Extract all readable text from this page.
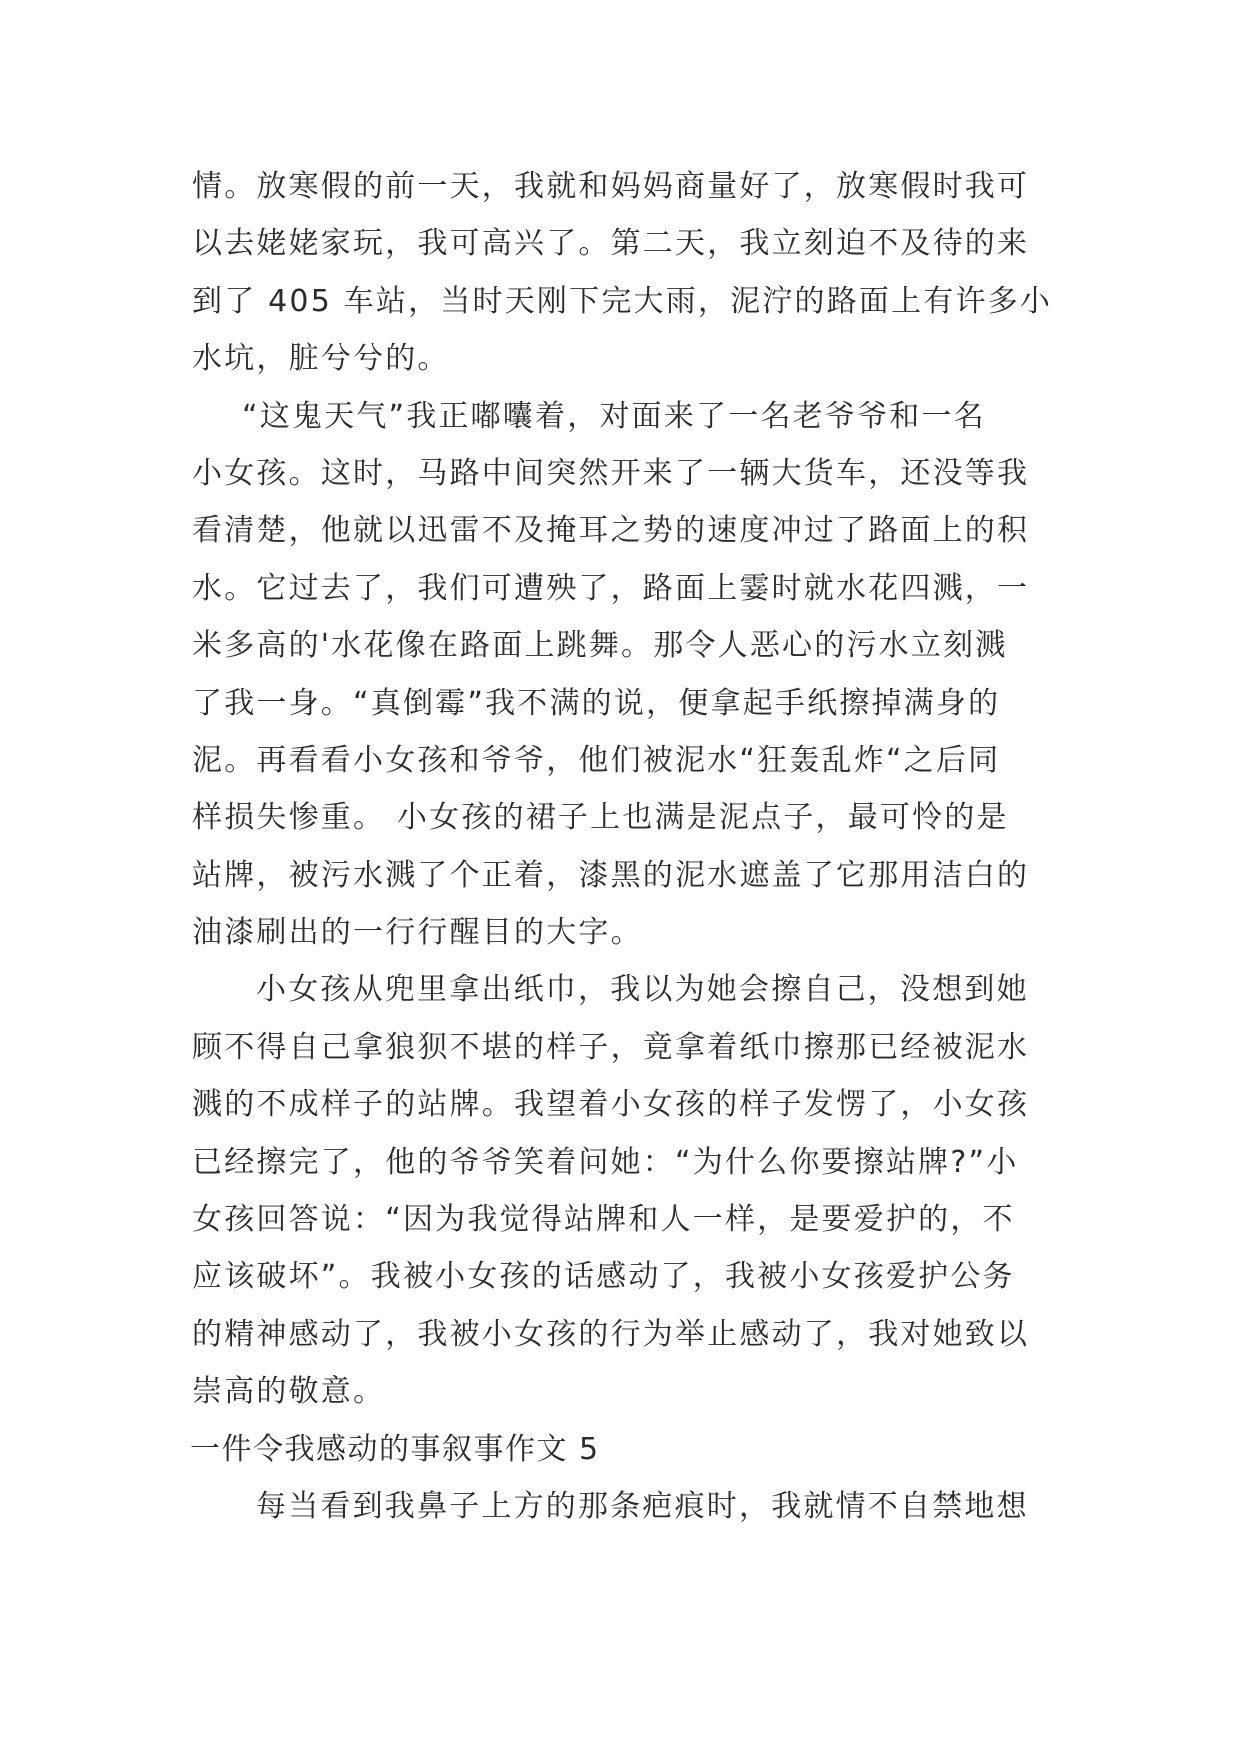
情。放寒假的前一天，我就和妈妈商量好了，放寒假时我可
以去姥姥家玩，我可高兴了。第二天，我立刻迫不及待的来
到了 405 车站，当时天刚下完大雨，泥泞的路面上有许多小
水坑，脏兮兮的。
“这鬼天气”我正嘟囔着，对面来了一名老爷爷和一名
小女孩。这时，马路中间突然开来了一辆大货车，还没等我
看清楚，他就以迅雷不及掩耳之势的速度冲过了路面上的积
水。它过去了，我们可遭殃了，路面上霎时就水花四溅，一
米多高的'水花像在路面上跳舞。那令人恶心的污水立刻溅
了我一身。“真倒霉”我不满的说，便拿起手纸擦掉满身的
泥。再看看小女孩和爷爷，他们被泥水“狂轰乱炸“之后同
样损失惨重。 小女孩的裙子上也满是泥点子，最可怜的是
站牌，被污水溅了个正着，漆黑的泥水遮盖了它那用洁白的
油漆刷出的一行行醒目的大字。
小女孩从兜里拿出纸巾，我以为她会擦自己，没想到她
顾不得自己拿狼狈不堪的样子，竟拿着纸巾擦那已经被泥水
溅的不成样子的站牌。我望着小女孩的样子发愣了，小女孩
已经擦完了，他的爷爷笑着问她：“为什么你要擦站牌?”小
女孩回答说：“因为我觉得站牌和人一样，是要爱护的，不
应该破坏”。我被小女孩的话感动了，我被小女孩爱护公务
的精神感动了，我被小女孩的行为举止感动了，我对她致以
崇高的敬意。
一件令我感动的事叙事作文 5
每当看到我鼻子上方的那条疤痕时，我就情不自禁地想
